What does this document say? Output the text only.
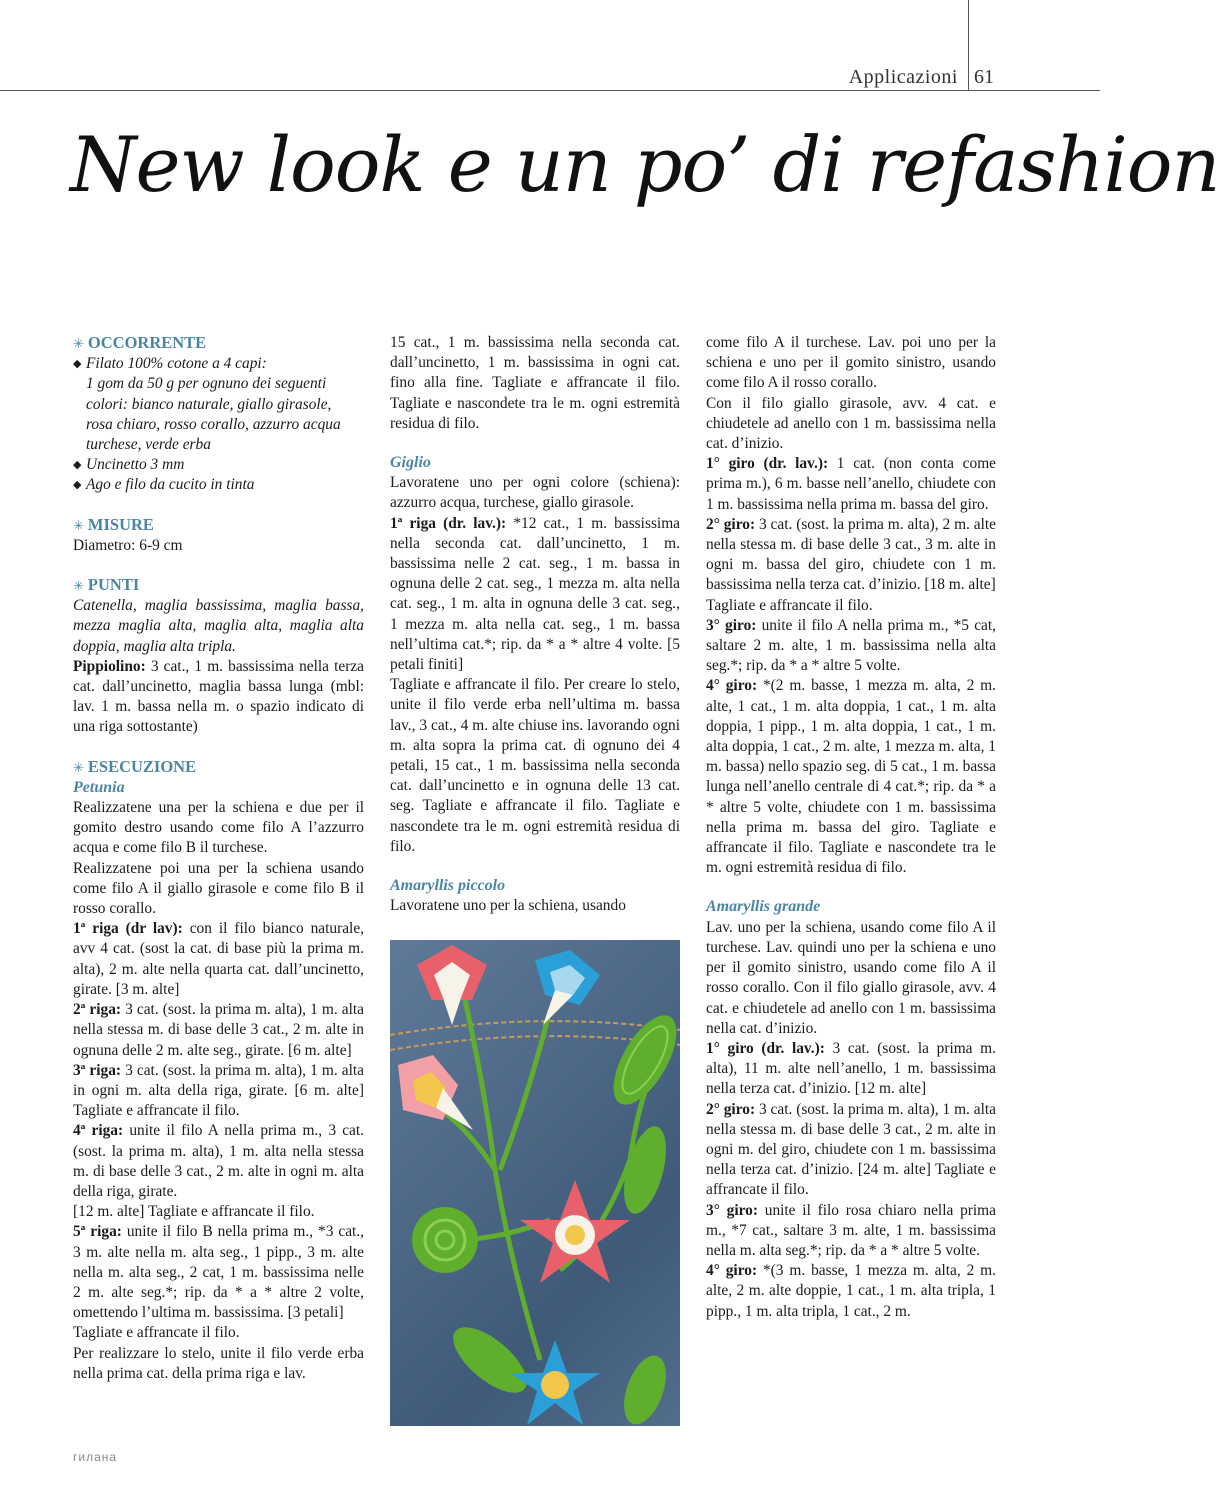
Applicazioni 61
New look e un po’ di refashion

✳ OCCORRENTE

◆ Filato 100% cotone a 4 capi:

1 gom da 50 g per ognuno dei seguenti

colori: bianco naturale, giallo girasole,

rosa chiaro, rosso corallo, azzurro acqua

turchese, verde erba

◆ Uncinetto 3 mm

◆ Ago e filo da cucito in tinta

✳ MISURE

Diametro: 6-9 cm

✳ PUNTI

Catenella, maglia bassissima, maglia bassa, mezza maglia alta, maglia alta, maglia alta doppia, maglia alta tripla.

Pippiolino: 3 cat., 1 m. bassissima nella terza cat. dall’uncinetto, maglia bassa lunga (mbl: lav. 1 m. bassa nella m. o spazio indicato di una riga sottostante)

✳ ESECUZIONE

Petunia

Realizzatene una per la schiena e due per il gomito destro usando come filo A l’azzurro acqua e come filo B il turchese.

Realizzatene poi una per la schiena usando come filo A il giallo girasole e come filo B il rosso corallo.

1ª riga (dr lav): con il filo bianco naturale, avv 4 cat. (sost la cat. di base più la prima m. alta), 2 m. alte nella quarta cat. dall’uncinetto, girate. [3 m. alte]

2ª riga: 3 cat. (sost. la prima m. alta), 1 m. alta nella stessa m. di base delle 3 cat., 2 m. alte in ognuna delle 2 m. alte seg., girate. [6 m. alte]

3ª riga: 3 cat. (sost. la prima m. alta), 1 m. alta in ogni m. alta della riga, girate. [6 m. alte] Tagliate e affrancate il filo.

4ª riga: unite il filo A nella prima m., 3 cat. (sost. la prima m. alta), 1 m. alta nella stessa m. di base delle 3 cat., 2 m. alte in ogni m. alta della riga, girate.

[12 m. alte] Tagliate e affrancate il filo.

5ª riga: unite il filo B nella prima m., *3 cat., 3 m. alte nella m. alta seg., 1 pipp., 3 m. alte nella m. alta seg., 2 cat, 1 m. bassissima nelle 2 m. alte seg.*; rip. da * a * altre 2 volte, omettendo l’ultima m. bassissima. [3 petali]

Tagliate e affrancate il filo.

Per realizzare lo stelo, unite il filo verde erba nella prima cat. della prima riga e lav.

15 cat., 1 m. bassissima nella seconda cat. dall’uncinetto, 1 m. bassissima in ogni cat. fino alla fine. Tagliate e affrancate il filo. Tagliate e nascondete tra le m. ogni estremità residua di filo.

Giglio

Lavoratene uno per ogni colore (schiena): azzurro acqua, turchese, giallo girasole.

1ª riga (dr. lav.): *12 cat., 1 m. bassissima nella seconda cat. dall’uncinetto, 1 m. bassissima nelle 2 cat. seg., 1 m. bassa in ognuna delle 2 cat. seg., 1 mezza m. alta nella cat. seg., 1 m. alta in ognuna delle 3 cat. seg., 1 mezza m. alta nella cat. seg., 1 m. bassa nell’ultima cat.*; rip. da * a * altre 4 volte. [5 petali finiti]

Tagliate e affrancate il filo. Per creare lo stelo, unite il filo verde erba nell’ultima m. bassa lav., 3 cat., 4 m. alte chiuse ins. lavorando ogni m. alta sopra la prima cat. di ognuno dei 4 petali, 15 cat., 1 m. bassissima nella seconda cat. dall’uncinetto e in ognuna delle 13 cat. seg. Tagliate e affrancate il filo. Tagliate e nascondete tra le m. ogni estremità residua di filo.

Amaryllis piccolo

Lavoratene uno per la schiena, usando

come filo A il turchese. Lav. poi uno per la schiena e uno per il gomito sinistro, usando come filo A il rosso corallo.

Con il filo giallo girasole, avv. 4 cat. e chiudetele ad anello con 1 m. bassissima nella cat. d’inizio.

1° giro (dr. lav.): 1 cat. (non conta come prima m.), 6 m. basse nell’anello, chiudete con 1 m. bassissima nella prima m. bassa del giro.

2° giro: 3 cat. (sost. la prima m. alta), 2 m. alte nella stessa m. di base delle 3 cat., 3 m. alte in ogni m. bassa del giro, chiudete con 1 m. bassissima nella terza cat. d’inizio. [18 m. alte]

Tagliate e affrancate il filo.

3° giro: unite il filo A nella prima m., *5 cat, saltare 2 m. alte, 1 m. bassissima nella alta seg.*; rip. da * a * altre 5 volte.

4° giro: *(2 m. basse, 1 mezza m. alta, 2 m. alte, 1 cat., 1 m. alta doppia, 1 cat., 1 m. alta doppia, 1 pipp., 1 m. alta doppia, 1 cat., 1 m. alta doppia, 1 cat., 2 m. alte, 1 mezza m. alta, 1 m. bassa) nello spazio seg. di 5 cat., 1 m. bassa lunga nell’anello centrale di 4 cat.*; rip. da * a * altre 5 volte, chiudete con 1 m. bassissima nella prima m. bassa del giro. Tagliate e affrancate il filo. Tagliate e nascondete tra le m. ogni estremità residua di filo.

Amaryllis grande

Lav. uno per la schiena, usando come filo A il turchese. Lav. quindi uno per la schiena e uno per il gomito sinistro, usando come filo A il rosso corallo. Con il filo giallo girasole, avv. 4 cat. e chiudetele ad anello con 1 m. bassissima nella cat. d’inizio.

1° giro (dr. lav.): 3 cat. (sost. la prima m. alta), 11 m. alte nell’anello, 1 m. bassissima nella terza cat. d’inizio. [12 m. alte]

2° giro: 3 cat. (sost. la prima m. alta), 1 m. alta nella stessa m. di base delle 3 cat., 2 m. alte in ogni m. del giro, chiudete con 1 m. bassissima nella terza cat. d’inizio. [24 m. alte] Tagliate e affrancate il filo.

3° giro: unite il filo rosa chiaro nella prima m., *7 cat., saltare 3 m. alte, 1 m. bassissima nella m. alta seg.*; rip. da * a * altre 5 volte.

4° giro: *(3 m. basse, 1 mezza m. alta, 2 m. alte, 2 m. alte doppie, 1 cat., 1 m. alta tripla, 1 pipp., 1 m. alta tripla, 1 cat., 2 m.

гилана
